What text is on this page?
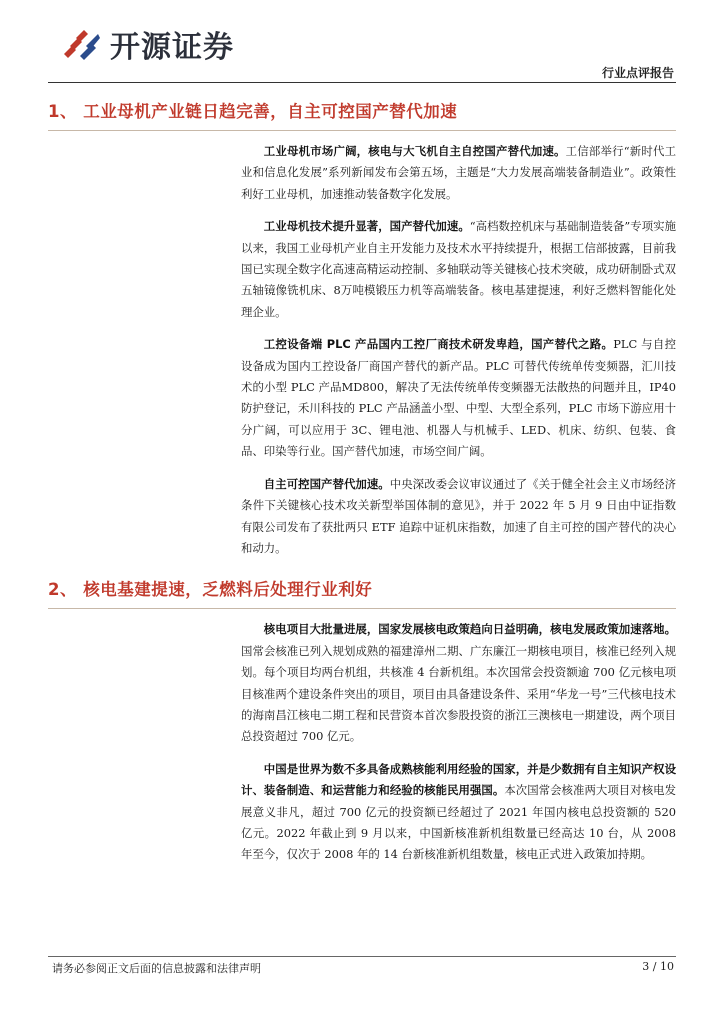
开源证券
行业点评报告
1、 工业母机产业链日趋完善，自主可控国产替代加速

工业母机市场广阔，核电与大飞机自主自控国产替代加速。工信部举行“新时代工业和信息化发展”系列新闻发布会第五场，主题是“大力发展高端装备制造业”。政策性利好工业母机，加速推动装备数字化发展。

工业母机技术提升显著，国产替代加速。“高档数控机床与基础制造装备”专项实施以来，我国工业母机产业自主开发能力及技术水平持续提升，根据工信部披露，目前我国已实现全数字化高速高精运动控制、多轴联动等关键核心技术突破，成功研制卧式双五轴镜像铣机床、8万吨模锻压力机等高端装备。核电基建提速，利好乏燃料智能化处理企业。

工控设备端 PLC 产品国内工控厂商技术研发卑趋，国产替代之路。PLC 与自控设备成为国内工控设备厂商国产替代的新产品。PLC 可替代传统单传变频器，汇川技术的小型 PLC 产品MD800，解决了无法传统单传变频器无法散热的问题并且，IP40 防护登记，禾川科技的 PLC 产品涵盖小型、中型、大型全系列，PLC 市场下游应用十分广阔，可以应用于 3C、锂电池、机器人与机械手、LED、机床、纺织、包装、食品、印染等行业。国产替代加速，市场空间广阔。

自主可控国产替代加速。中央深改委会议审议通过了《关于健全社会主义市场经济条件下关键核心技术攻关新型举国体制的意见》，并于 2022 年 5 月 9 日由中证指数有限公司发布了获批两只 ETF 追踪中证机床指数，加速了自主可控的国产替代的决心和动力。

2、 核电基建提速，乏燃料后处理行业利好

核电项目大批量进展，国家发展核电政策趋向日益明确，核电发展政策加速落地。国常会核准已列入规划成熟的福建漳州二期、广东廉江一期核电项目，核准已经列入规划。每个项目均两台机组，共核准 4 台新机组。本次国常会投资额逾 700 亿元核电项目核准两个建设条件突出的项目，项目由具备建设条件、采用“华龙一号”三代核电技术的海南昌江核电二期工程和民营资本首次参股投资的浙江三澳核电一期建设，两个项目总投资超过 700 亿元。

中国是世界为数不多具备成熟核能利用经验的国家，并是少数拥有自主知识产权设计、装备制造、和运营能力和经验的核能民用强国。本次国常会核准两大项目对核电发展意义非凡，超过 700 亿元的投资额已经超过了 2021 年国内核电总投资额的 520 亿元。2022 年截止到 9 月以来，中国新核准新机组数量已经高达 10 台，从 2008 年至今，仅次于 2008 年的 14 台新核准新机组数量，核电正式进入政策加持期。

请务必参阅正文后面的信息披露和法律声明	3 / 10
